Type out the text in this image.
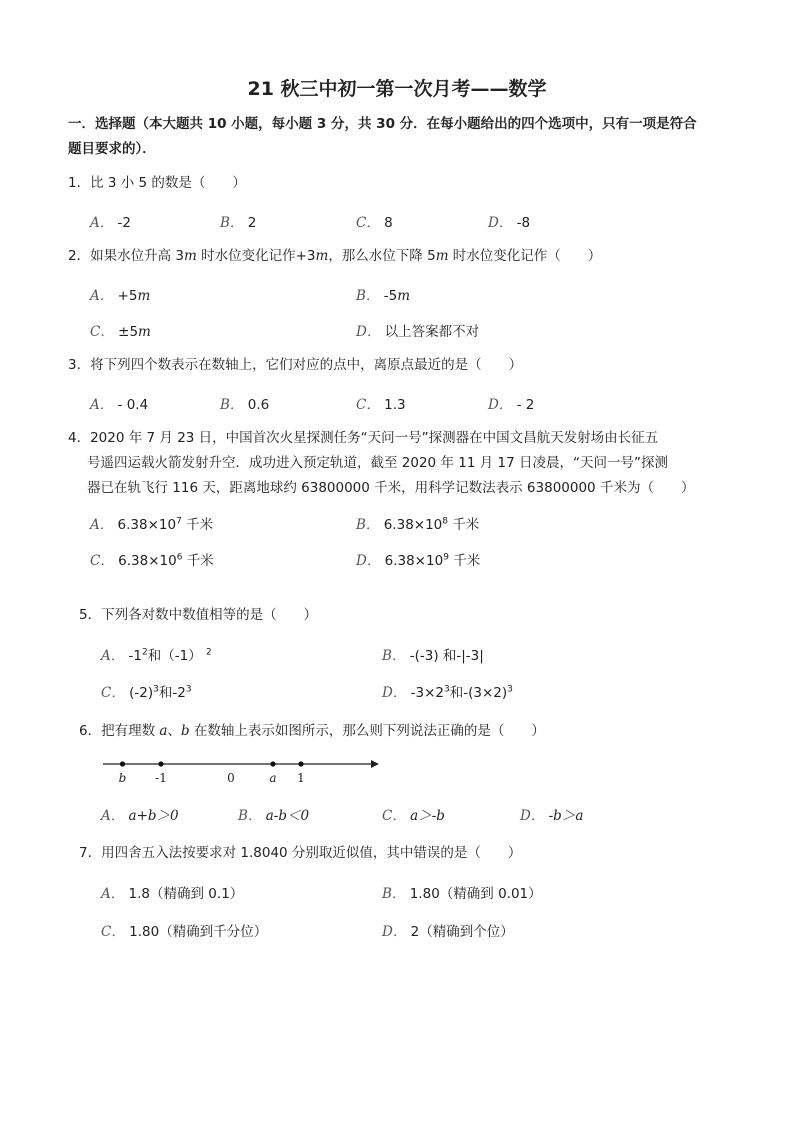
21 秋三中初一第一次月考——数学
一．选择题（本大题共 10 小题，每小题 3 分，共 30 分．在每小题给出的四个选项中，只有一项是符合题目要求的）．
1．比 3 小 5 的数是（　　）
A． -2	B． 2	C． 8	D． -8
2．如果水位升高 3m 时水位变化记作+3m，那么水位下降 5m 时水位变化记作（　　）
A． +5m	B． -5m
C． ±5m	D． 以上答案都不对
3．将下列四个数表示在数轴上，它们对应的点中，离原点最近的是（　　）
A． - 0.4	B． 0.6	C． 1.3	D． - 2
4．2020 年 7 月 23 日，中国首次火星探测任务“天问一号”探测器在中国文昌航天发射场由长征五
号遥四运载火箭发射升空．成功进入预定轨道，截至 2020 年 11 月 17 日凌晨，“天问一号”探测
器已在轨飞行 116 天，距离地球约 63800000 千米，用科学记数法表示 63800000 千米为（　　）
A． $6.38\times 10^7$ 千米	B． $6.38\times 10^8$ 千米
C． $6.38\times 10^6$ 千米	D． $6.38\times 10^9$ 千米
5．下列各对数中数值相等的是（　　）
A． $-1^2$和（-1） $^2$	B． -(-3) 和-|-3|
C． $(-2)^3$和$-2^3$	D． $-3\times 2^3$和$-(3\times 2)^3$
6．把有理数 a、b 在数轴上表示如图所示，那么则下列说法正确的是（　　）
b -1	0	a 1
A． a+b＞0	B． a-b＜0	C． a＞-b	D． -b＞a
7．用四舍五入法按要求对 1.8040 分别取近似值，其中错误的是（　　）
A． 1.8（精确到 0.1）	B． 1.80（精确到 0.01）
C． 1.80（精确到千分位）	D． 2（精确到个位）
